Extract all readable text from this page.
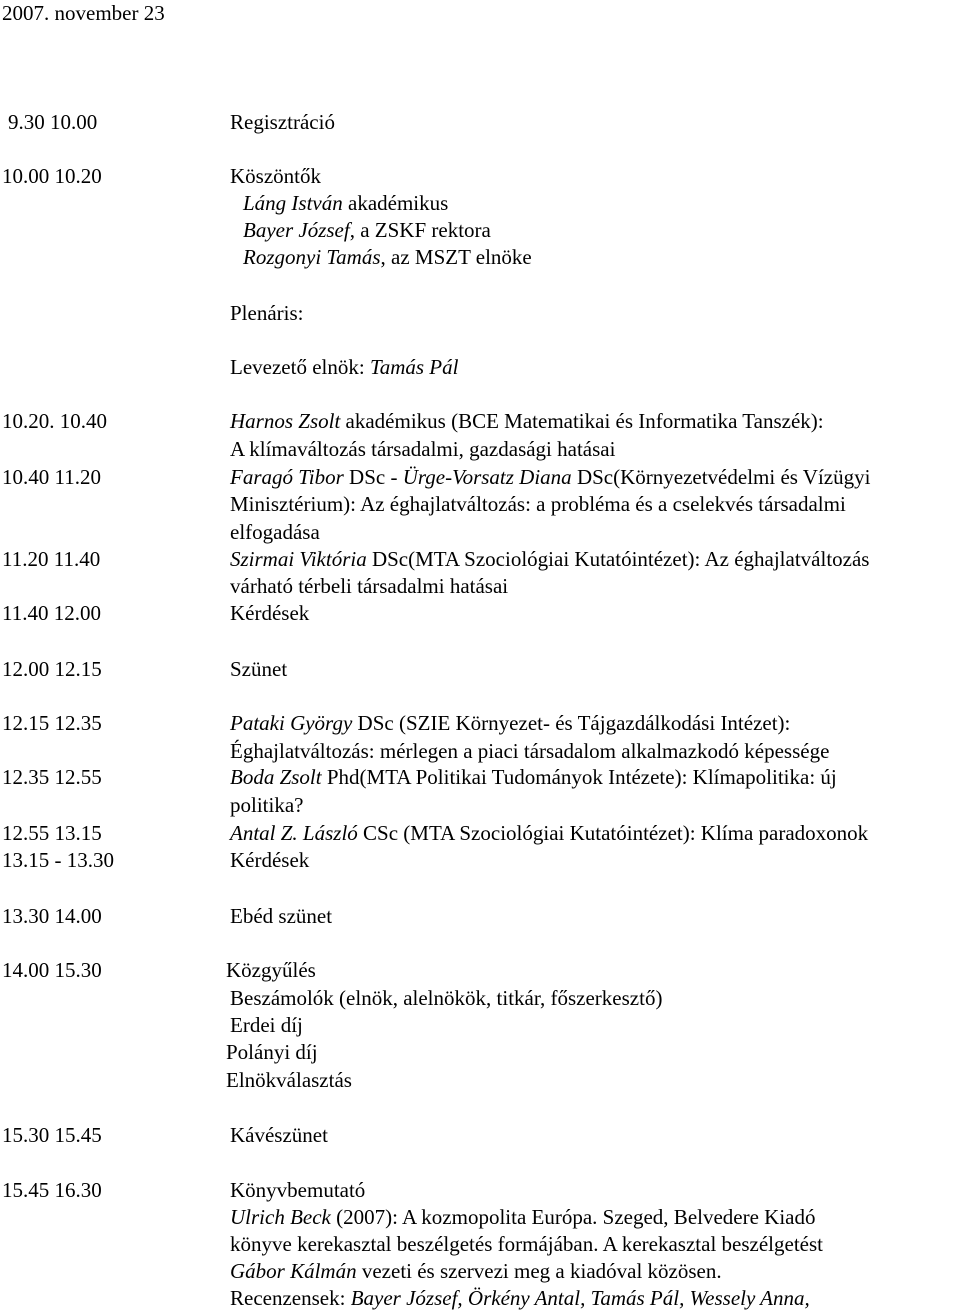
2007. november 23
9.30 10.00	Regisztráció
10.00 10.20	Köszöntők
Láng István akadémikus
Bayer József, a ZSKF rektora
Rozgonyi Tamás, az MSZT elnöke
Plenáris:
Levezető elnök: Tamás Pál
10.20. 10.40	Harnos Zsolt akadémikus (BCE Matematikai és Informatika Tanszék):
A klímaváltozás társadalmi, gazdasági hatásai
10.40 11.20	Faragó Tibor DSc - Ürge-Vorsatz Diana DSc(Környezetvédelmi és Vízügyi
Minisztérium): Az éghajlatváltozás: a probléma és a cselekvés társadalmi
elfogadása
11.20 11.40	Szirmai Viktória DSc(MTA Szociológiai Kutatóintézet): Az éghajlatváltozás
várható térbeli társadalmi hatásai
11.40 12.00	Kérdések
12.00 12.15	Szünet
12.15 12.35	Pataki György DSc (SZIE Környezet- és Tájgazdálkodási Intézet):
Éghajlatváltozás: mérlegen a piaci társadalom alkalmazkodó képessége
12.35 12.55	Boda Zsolt Phd(MTA Politikai Tudományok Intézete): Klímapolitika: új
politika?
12.55 13.15	Antal Z. László CSc (MTA Szociológiai Kutatóintézet): Klíma paradoxonok
13.15 - 13.30	Kérdések
13.30 14.00	Ebéd szünet
14.00 15.30	Közgyűlés
Beszámolók (elnök, alelnökök, titkár, főszerkesztő)
Erdei díj
Polányi díj
Elnökválasztás
15.30 15.45	Kávészünet
15.45 16.30	Könyvbemutató
Ulrich Beck (2007): A kozmopolita Európa. Szeged, Belvedere Kiadó
könyve kerekasztal beszélgetés formájában. A kerekasztal beszélgetést
Gábor Kálmán vezeti és szervezi meg a kiadóval közösen.
Recenzensek: Bayer József, Örkény Antal, Tamás Pál, Wessely Anna,
